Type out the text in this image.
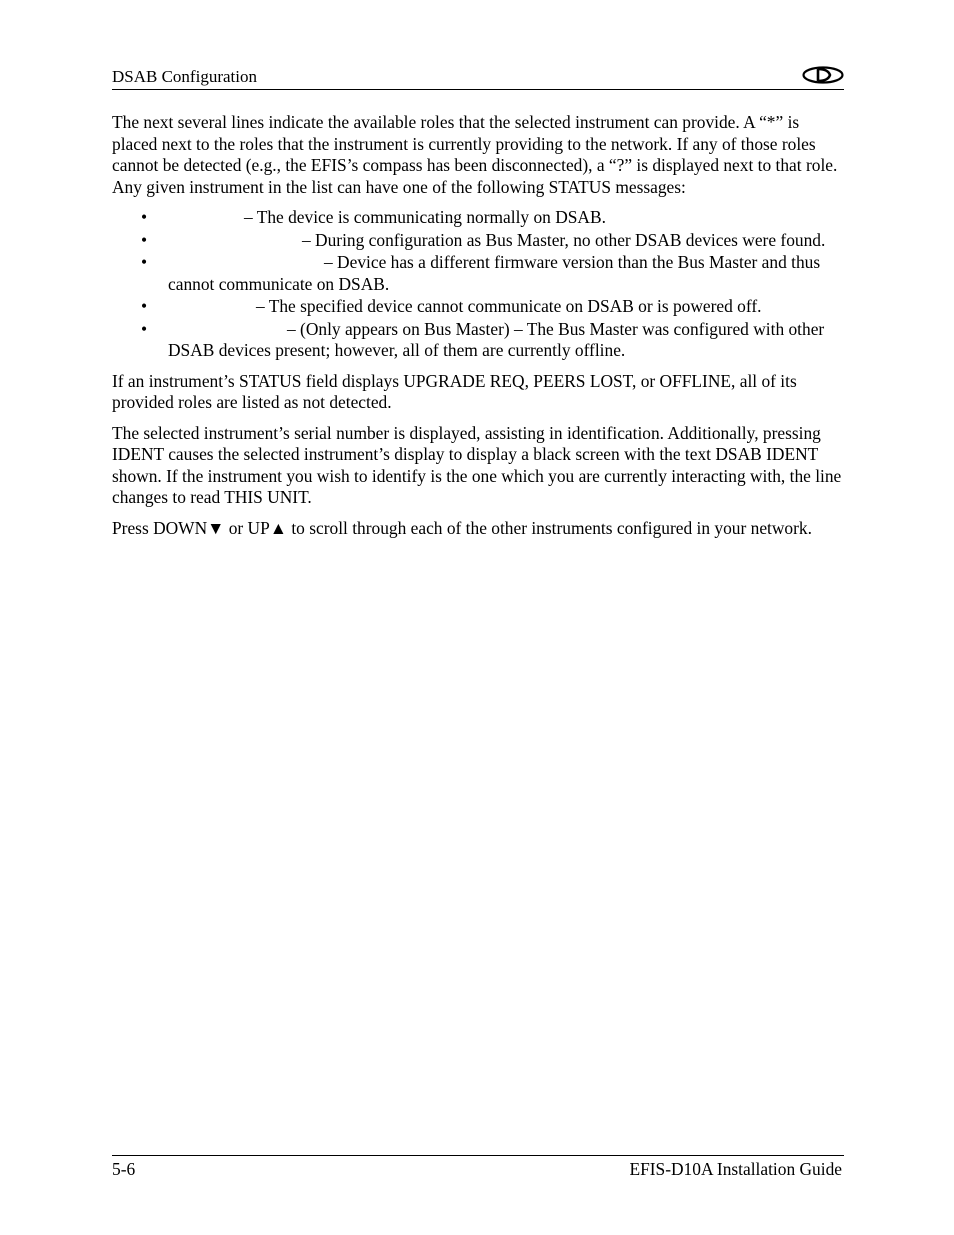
DSAB Configuration

The next several lines indicate the available roles that the selected instrument can provide. A “*” is placed next to the roles that the instrument is currently providing to the network. If any of those roles cannot be detected (e.g., the EFIS’s compass has been disconnected), a “?” is displayed next to that role. Any given instrument in the list can have one of the following STATUS messages:

•	– The device is communicating normally on DSAB.
•	– During configuration as Bus Master, no other DSAB devices were found.
•	– Device has a different firmware version than the Bus Master and thus cannot communicate on DSAB.
•	– The specified device cannot communicate on DSAB or is powered off.
•	– (Only appears on Bus Master) – The Bus Master was configured with other DSAB devices present; however, all of them are currently offline.

If an instrument’s STATUS field displays UPGRADE REQ, PEERS LOST, or OFFLINE, all of its provided roles are listed as not detected.

The selected instrument’s serial number is displayed, assisting in identification. Additionally, pressing IDENT causes the selected instrument’s display to display a black screen with the text DSAB IDENT shown. If the instrument you wish to identify is the one which you are currently interacting with, the line changes to read THIS UNIT.

Press DOWN▼ or UP▲ to scroll through each of the other instruments configured in your network.

5-6	EFIS-D10A Installation Guide
